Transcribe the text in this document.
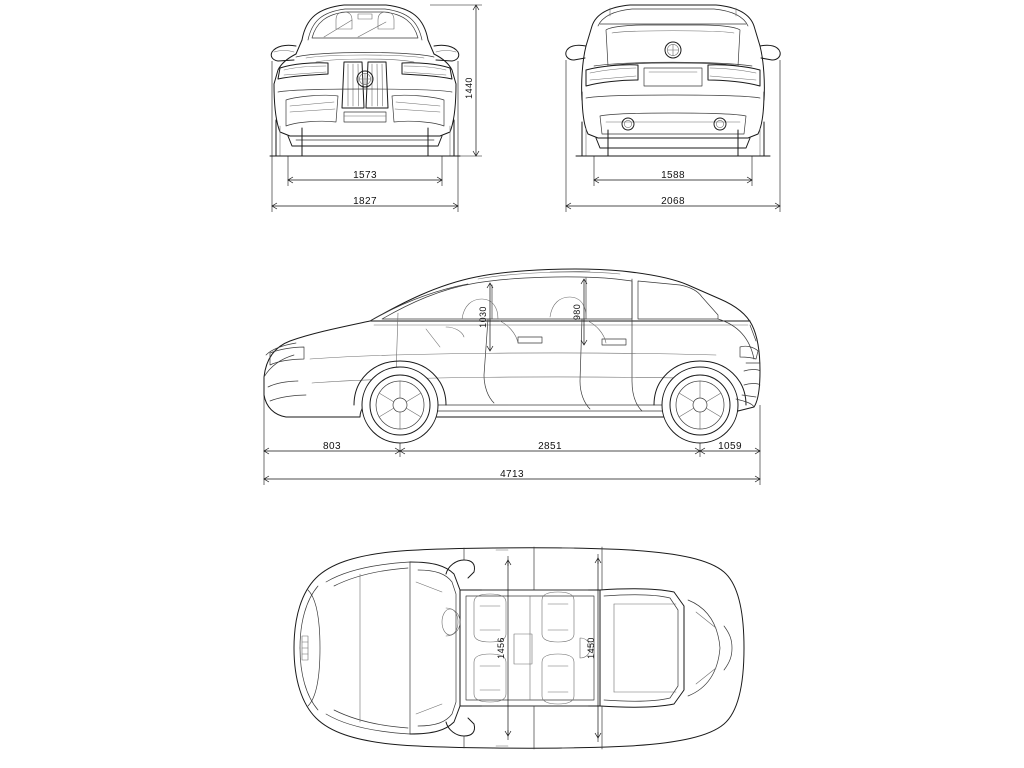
1440
1573
1827
1588
2068
1030	980
803	2851	1059
4713
1456	1450
